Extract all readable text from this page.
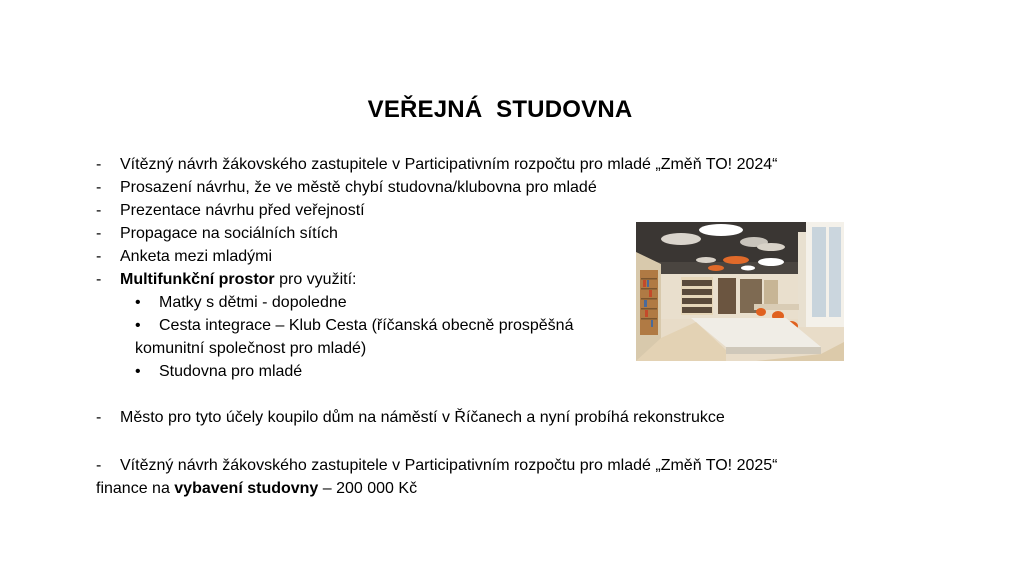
VEŘEJNÁ  STUDOVNA
- Vítězný návrh žákovského zastupitele v Participativním rozpočtu pro mladé „Změň TO! 2024“
- Prosazení návrhu, že ve městě chybí studovna/klubovna pro mladé
- Prezentace návrhu před veřejností
- Propagace na sociálních sítích
- Anketa mezi mladými
- Multifunkční prostor pro využití:
• Matky s dětmi - dopoledne
• Cesta integrace – Klub Cesta (říčanská obecně prospěšná
komunitní společnost pro mladé)
• Studovna pro mladé
- Město pro tyto účely koupilo dům na náměstí v Říčanech a nyní probíhá rekonstrukce
- Vítězný návrh žákovského zastupitele v Participativním rozpočtu pro mladé „Změň TO! 2025“
finance na vybavení studovny – 200 000 Kč
